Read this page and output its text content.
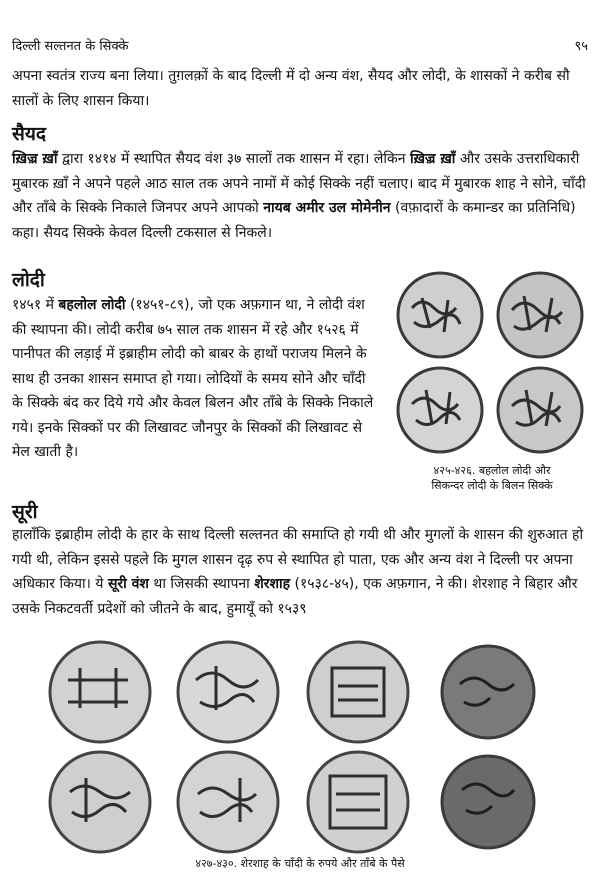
दिल्ली सल्तनत के सिक्के	९५

अपना स्वतंत्र राज्य बना लिया। तुग़लक़ों के बाद दिल्ली में दो अन्य वंश, सैयद और लोदी, के शासकों ने करीब सौ सालों के लिए शासन किया।

सैयद

ख़िज़्र ख़ाँ द्वारा १४१४ में स्थापित सैयद वंश ३७ सालों तक शासन में रहा। लेकिन ख़िज़्र ख़ाँ और उसके उत्तराधिकारी मुबारक ख़ाँ ने अपने पहले आठ साल तक अपने नामों में कोई सिक्के नहीं चलाए। बाद में मुबारक शाह ने सोने, चाँदी और ताँबे के सिक्के निकाले जिनपर अपने आपको नायब अमीर उल मोमेनीन (वफ़ादारों के कमान्डर का प्रतिनिधि) कहा। सैयद सिक्के केवल दिल्ली टकसाल से निकले।

लोदी

१४५१ में बहलोल लोदी (१४५१-८९), जो एक अफ़गान था, ने लोदी वंश की स्थापना की। लोदी करीब ७५ साल तक शासन में रहे और १५२६ में पानीपत की लड़ाई में इब्राहीम लोदी को बाबर के हाथों पराजय मिलने के साथ ही उनका शासन समाप्त हो गया। लोदियों के समय सोने और चाँदी के सिक्के बंद कर दिये गये और केवल बिलन और ताँबे के सिक्के निकाले गये। इनके सिक्कों पर की लिखावट जौनपुर के सिक्कों की लिखावट से मेल खाती है।

४२५-४२६. बहलोल लोदी और
सिकन्दर लोदी के बिलन सिक्के
सूरी

हालाँकि इब्राहीम लोदी के हार के साथ दिल्ली सल्तनत की समाप्ति हो गयी थी और मुगलों के शासन की शुरुआत हो गयी थी, लेकिन इससे पहले कि मुगल शासन दृढ़ रुप से स्थापित हो पाता, एक और अन्य वंश ने दिल्ली पर अपना अधिकार किया। ये सूरी वंश था जिसकी स्थापना शेरशाह (१५३८-४५), एक अफ़गान, ने की। शेरशाह ने बिहार और उसके निकटवर्ती प्रदेशों को जीतने के बाद, हुमायूँ को १५३९

४२७-४३०. शेरशाह के चाँदी के रुपये और ताँबे के पैसे
